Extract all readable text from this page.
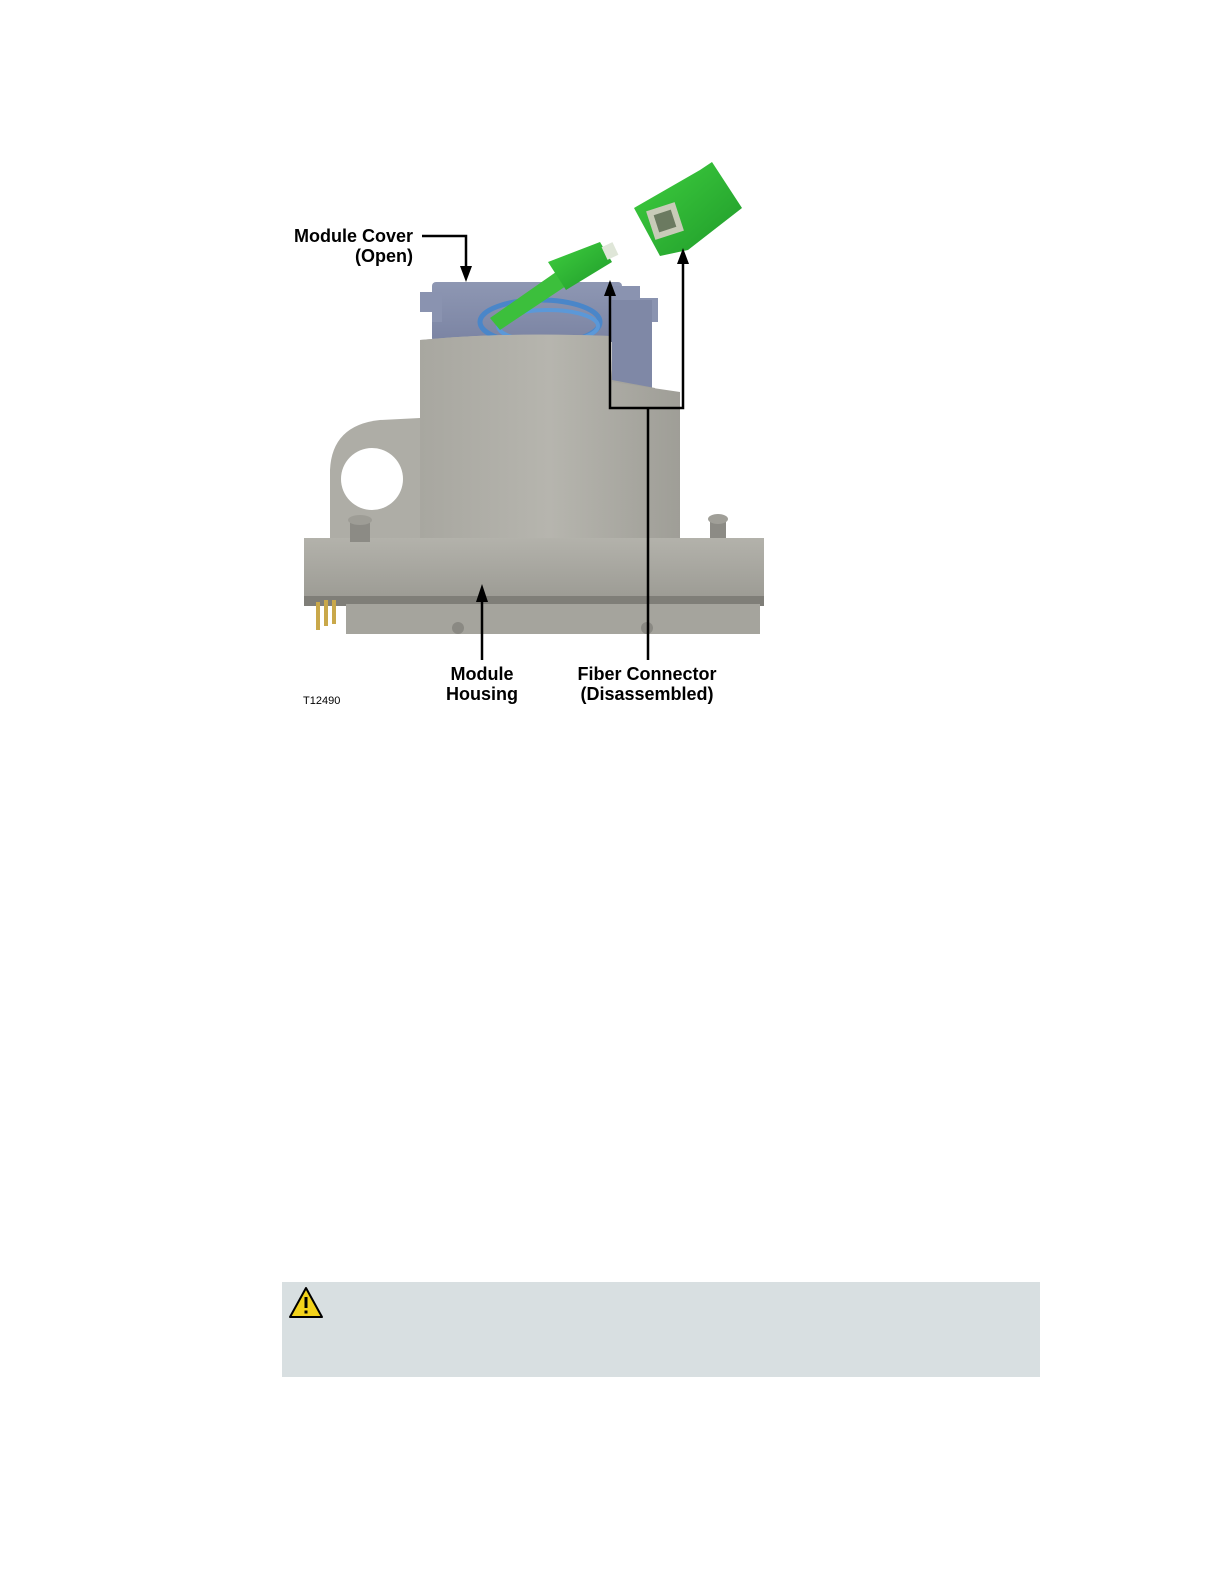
Module Cover
(Open)
Module
Housing
Fiber Connector
(Disassembled)
T12490
